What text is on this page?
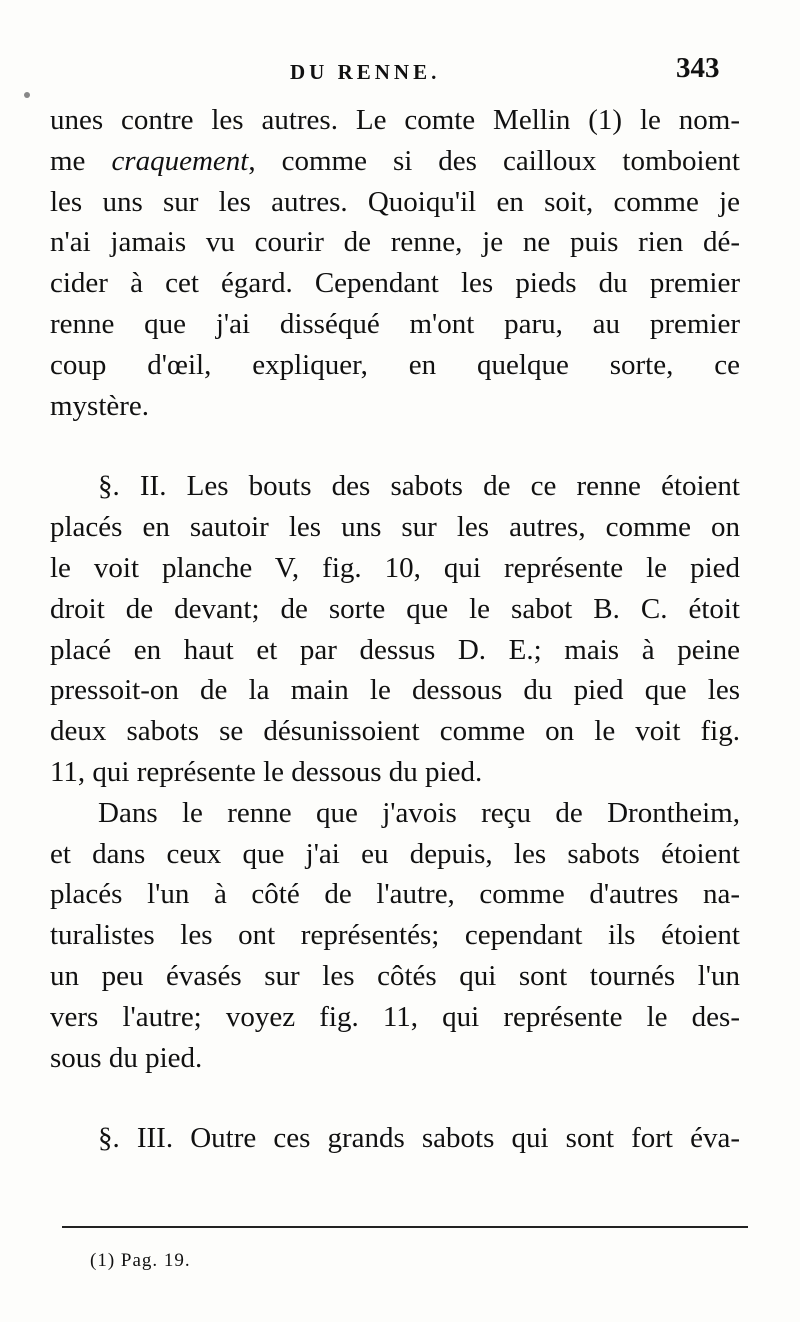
DU RENNE.	343
unes contre les autres. Le comte Mellin (1) le nom-
me craquement, comme si des cailloux tomboient
les uns sur les autres. Quoiqu'il en soit, comme je
n'ai jamais vu courir de renne, je ne puis rien dé-
cider à cet égard. Cependant les pieds du premier
renne que j'ai disséqué m'ont paru, au premier
coup d'œil, expliquer, en quelque sorte, ce
mystère.
§. II. Les bouts des sabots de ce renne étoient
placés en sautoir les uns sur les autres, comme on
le voit planche V, fig. 10, qui représente le pied
droit de devant; de sorte que le sabot B. C. étoit
placé en haut et par dessus D. E.; mais à peine
pressoit-on de la main le dessous du pied que les
deux sabots se désunissoient comme on le voit fig.
11, qui représente le dessous du pied.
Dans le renne que j'avois reçu de Drontheim,
et dans ceux que j'ai eu depuis, les sabots étoient
placés l'un à côté de l'autre, comme d'autres na-
turalistes les ont représentés; cependant ils étoient
un peu évasés sur les côtés qui sont tournés l'un
vers l'autre; voyez fig. 11, qui représente le des-
sous du pied.
§. III. Outre ces grands sabots qui sont fort éva-
(1) Pag. 19.
